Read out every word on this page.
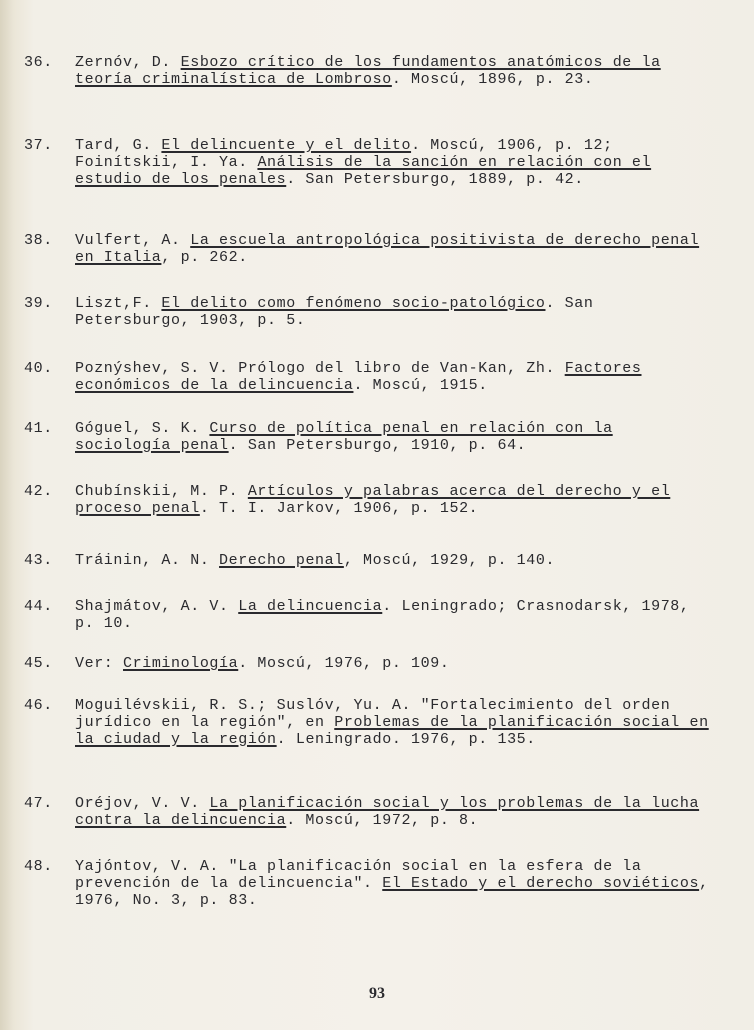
36.	Zernóv, D. Esbozo crítico de los fundamentos anatómicos de la teoría criminalística de Lombroso. Moscú, 1896, p. 23.
37.	Tard, G. El delincuente y el delito. Moscú, 1906, p. 12; Foinítskii, I. Ya. Análisis de la sanción en relación con el estudio de los penales. San Petersburgo, 1889, p. 42.
38.	Vulfert, A. La escuela antropológica positivista de derecho penal en Italia, p. 262.
39.	Liszt,F. El delito como fenómeno socio-patológico. San Petersburgo, 1903, p. 5.
40.	Poznýshev, S. V. Prólogo del libro de Van-Kan, Zh. Factores económicos de la delincuencia. Moscú, 1915.
41.	Góguel, S. K. Curso de política penal en relación con la sociología penal. San Petersburgo, 1910, p. 64.
42.	Chubínskii, M. P. Artículos y palabras acerca del derecho y el proceso penal. T. I. Jarkov, 1906, p. 152.
43.	Tráinin, A. N. Derecho penal, Moscú, 1929, p. 140.
44.	Shajmátov, A. V. La delincuencia. Leningrado; Crasnodarsk, 1978, p. 10.
45.	Ver: Criminología. Moscú, 1976, p. 109.
46.	Moguilévskii, R. S.; Suslóv, Yu. A. "Fortalecimiento del orden jurídico en la región", en Problemas de la planificación social en la ciudad y la región. Leningrado. 1976, p. 135.
47.	Oréjov, V. V. La planificación social y los problemas de la lucha contra la delincuencia. Moscú, 1972, p. 8.
48.	Yajóntov, V. A. "La planificación social en la esfera de la prevención de la delincuencia". El Estado y el derecho soviéticos, 1976, No. 3, p. 83.
93
